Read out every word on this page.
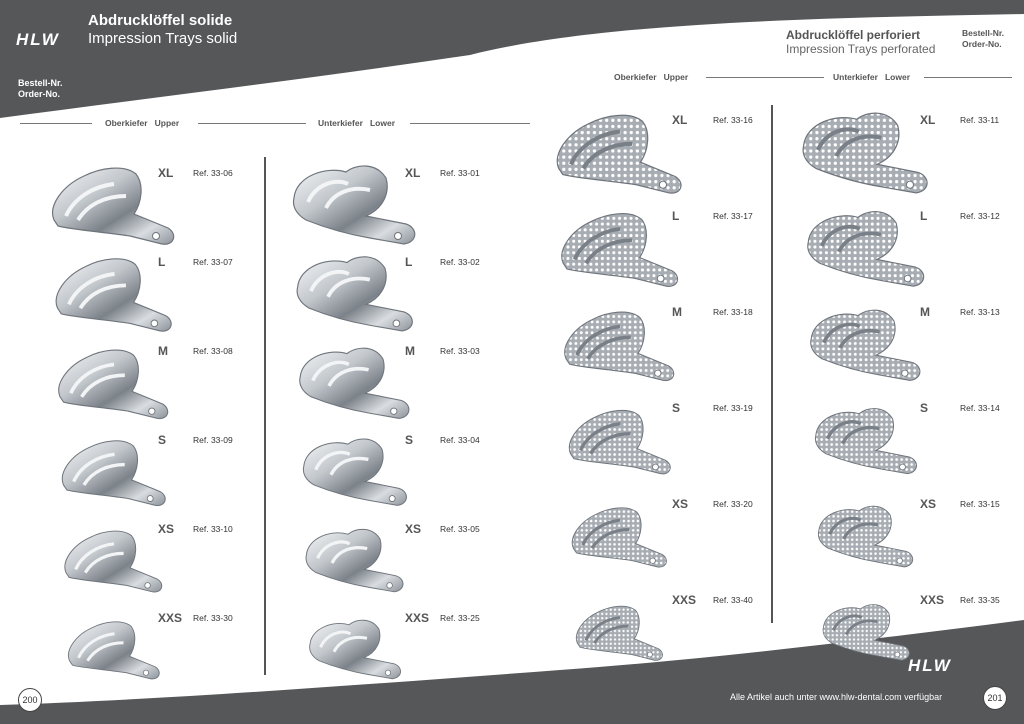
HLW
Abdrucklöffel solide
Impression Trays solid
Bestell-Nr.
Order-No.
Oberkiefer Upper	Unterkiefer Lower
XL Ref. 33-06
L	Ref. 33-07
M	Ref. 33-08
S	Ref. 33-09
XS Ref. 33-10
XXS Ref. 33-30
XL Ref. 33-01
L	Ref. 33-02
M	Ref. 33-03
S	Ref. 33-04
XS Ref. 33-05
XXS Ref. 33-25
Abdrucklöffel perforiert
Impression Trays perforated
Bestell-Nr.
Order-No.
Oberkiefer Upper	Unterkiefer Lower
XL	Ref. 33-16
L	Ref. 33-17
M	Ref. 33-18
S	Ref. 33-19
XS	Ref. 33-20
XXS Ref. 33-40
XL	Ref. 33-11
L	Ref. 33-12
M	Ref. 33-13
S	Ref. 33-14
XS	Ref. 33-15
XXS Ref. 33-35
200
HLW
Alle Artikel auch unter www.hlw-dental.com verfügbar	201
